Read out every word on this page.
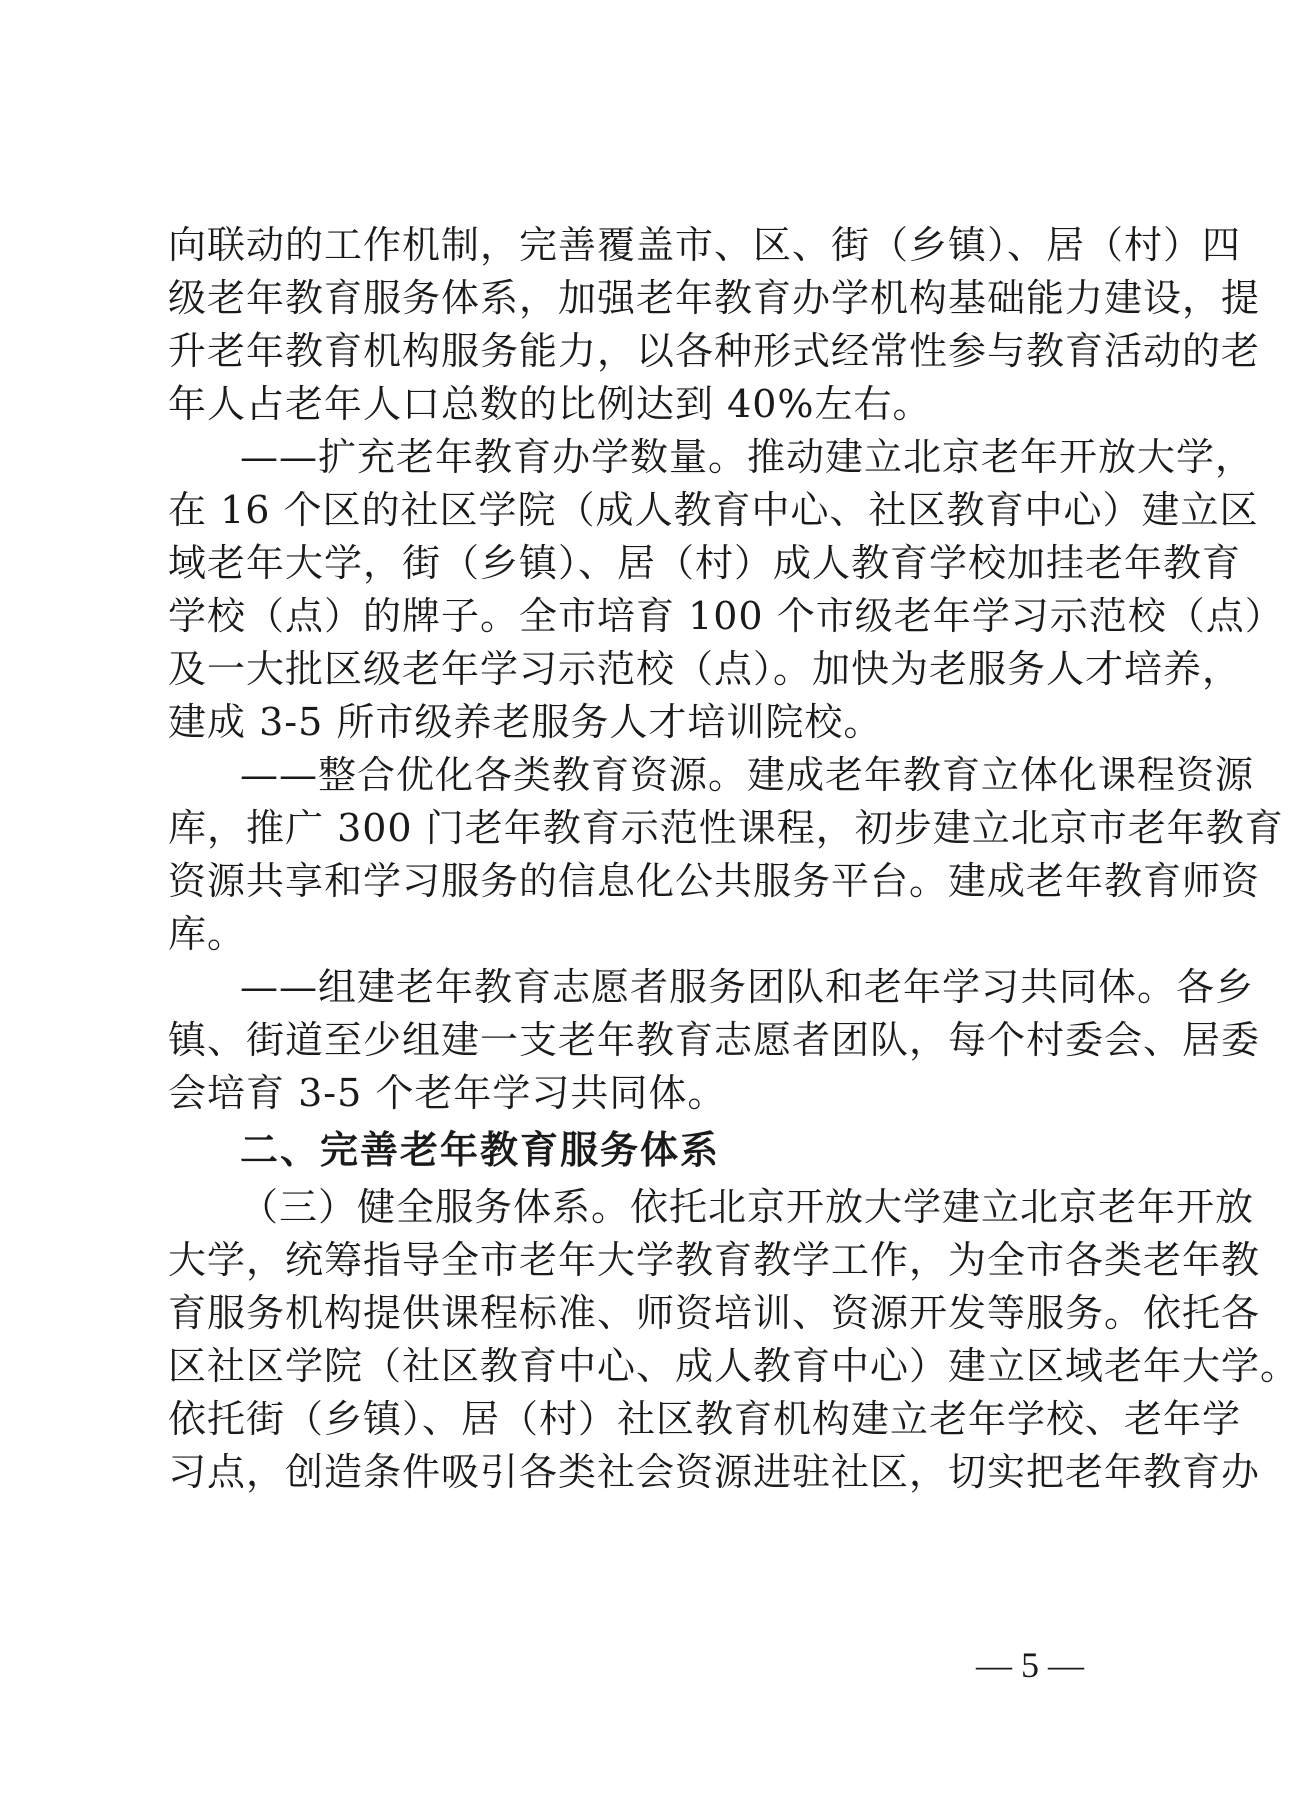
向联动的工作机制，完善覆盖市、区、街（乡镇）、居（村）四
级老年教育服务体系，加强老年教育办学机构基础能力建设，提
升老年教育机构服务能力，以各种形式经常性参与教育活动的老
年人占老年人口总数的比例达到 40%左右。
——扩充老年教育办学数量。推动建立北京老年开放大学，
在 16 个区的社区学院（成人教育中心、社区教育中心）建立区
域老年大学，街（乡镇）、居（村）成人教育学校加挂老年教育
学校（点）的牌子。全市培育 100 个市级老年学习示范校（点）
及一大批区级老年学习示范校（点）。加快为老服务人才培养，
建成 3-5 所市级养老服务人才培训院校。
——整合优化各类教育资源。建成老年教育立体化课程资源
库，推广 300 门老年教育示范性课程，初步建立北京市老年教育
资源共享和学习服务的信息化公共服务平台。建成老年教育师资
库。
——组建老年教育志愿者服务团队和老年学习共同体。各乡
镇、街道至少组建一支老年教育志愿者团队，每个村委会、居委
会培育 3-5 个老年学习共同体。
二、完善老年教育服务体系
（三）健全服务体系。依托北京开放大学建立北京老年开放
大学，统筹指导全市老年大学教育教学工作，为全市各类老年教
育服务机构提供课程标准、师资培训、资源开发等服务。依托各
区社区学院（社区教育中心、成人教育中心）建立区域老年大学。
依托街（乡镇）、居（村）社区教育机构建立老年学校、老年学
习点，创造条件吸引各类社会资源进驻社区，切实把老年教育办
— 5 —
